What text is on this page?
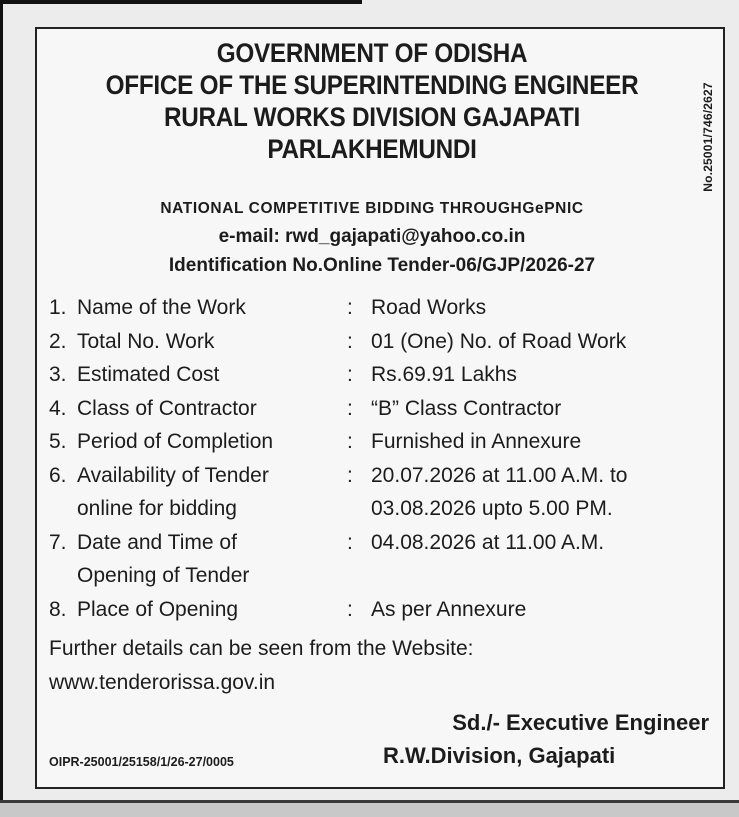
No.25001/746/2627
GOVERNMENT OF ODISHA
OFFICE OF THE SUPERINTENDING ENGINEER
RURAL WORKS DIVISION GAJAPATI
PARLAKHEMUNDI
NATIONAL COMPETITIVE BIDDING THROUGHGePNIC
e-mail: rwd_gajapati@yahoo.co.in
Identification No.Online Tender-06/GJP/2026-27
1. Name of the Work	: Road Works
2. Total No. Work	: 01 (One) No. of Road Work
3. Estimated Cost	: Rs.69.91 Lakhs
4. Class of Contractor	: “B” Class Contractor
5. Period of Completion	: Furnished in Annexure
6. Availability of Tender	: 20.07.2026 at 11.00 A.M. to
online for bidding	03.08.2026 upto 5.00 PM.
7. Date and Time of	: 04.08.2026 at 11.00 A.M.
Opening of Tender
8. Place of Opening	: As per Annexure
Further details can be seen from the Website:
www.tenderorissa.gov.in
Sd./- Executive Engineer
OIPR-25001/25158/1/26-27/0005	R.W.Division, Gajapati
